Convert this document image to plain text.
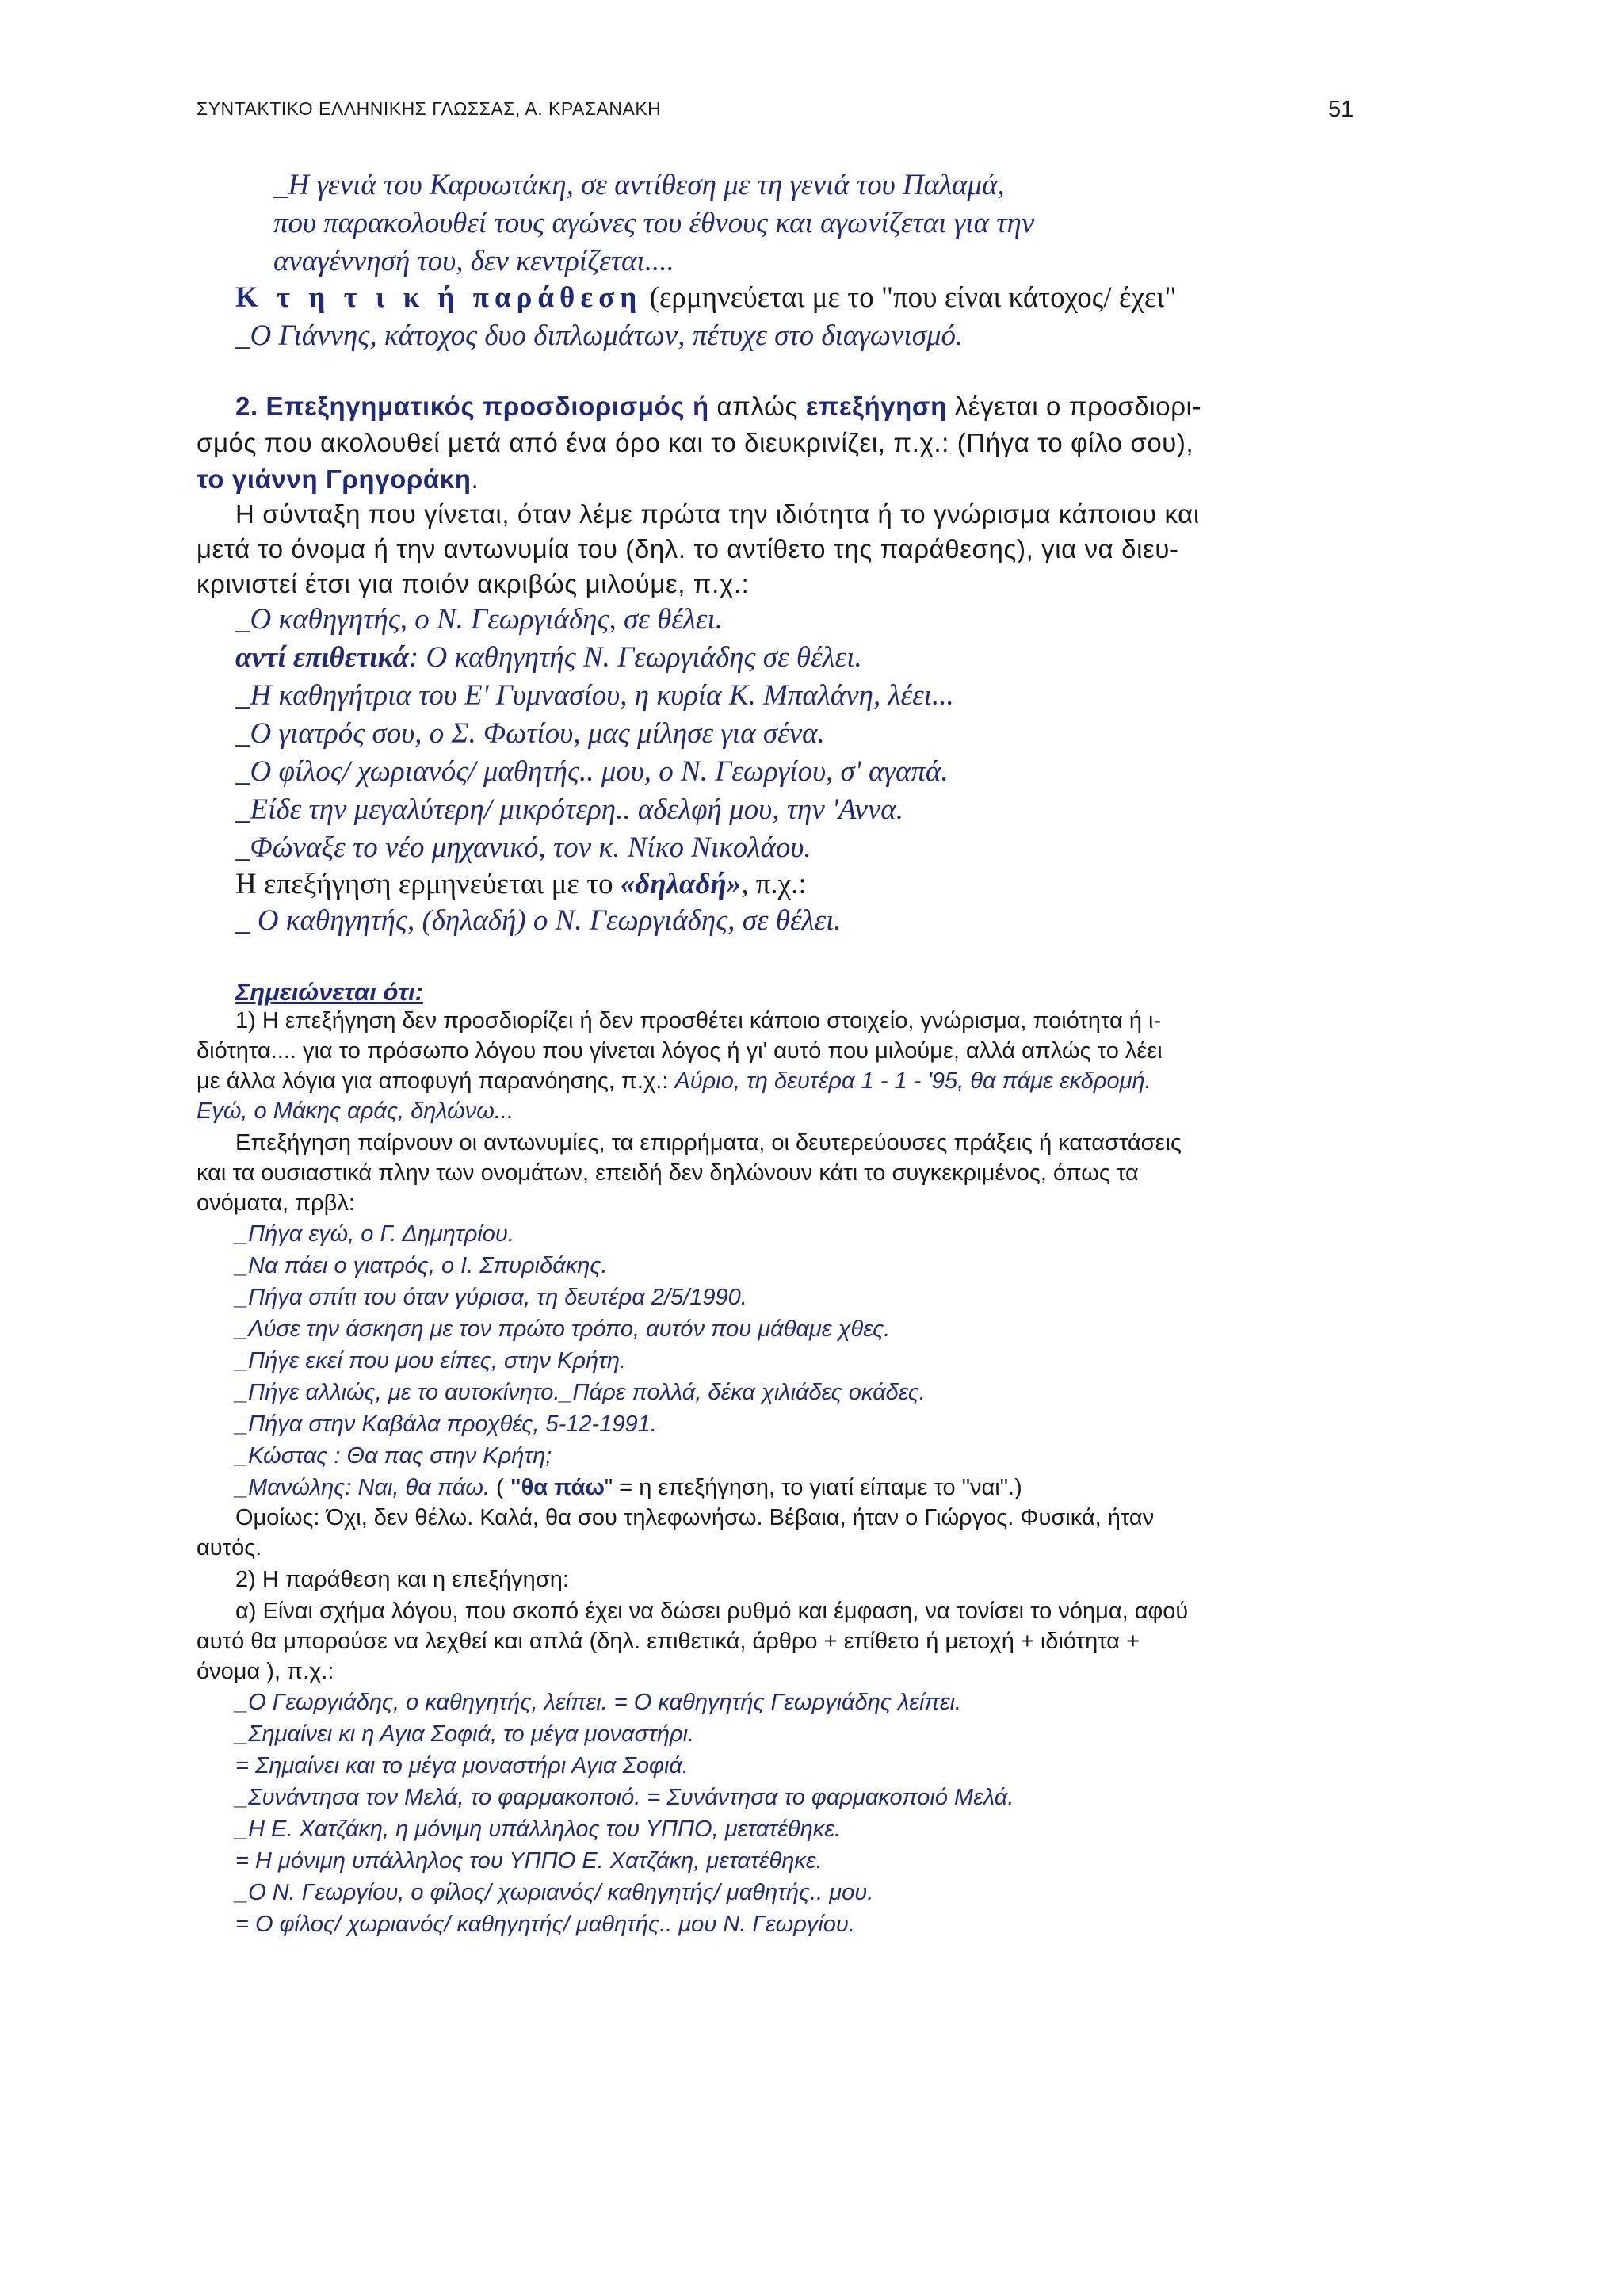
ΣΥΝΤΑΚΤΙΚΟ ΕΛΛΗΝΙΚΗΣ ΓΛΩΣΣΑΣ, Α. ΚΡΑΣΑΝΑΚΗ	51
_Η γενιά του Καρυωτάκη, σε αντίθεση με τη γενιά του Παλαμά,
που παρακολουθεί τους αγώνες του έθνους και αγωνίζεται για την
αναγέννησή του, δεν κεντρίζεται....
Κ τ η τ ι κ ή παράθεση (ερμηνεύεται με το "που είναι κάτοχος/ έχει"
_Ο Γιάννης, κάτοχος δυο διπλωμάτων, πέτυχε στο διαγωνισμό.
2. Επεξηγηματικός προσδιορισμός ή απλώς επεξήγηση λέγεται ο προσδιορι-
σμός που ακολουθεί μετά από ένα όρο και το διευκρινίζει, π.χ.: (Πήγα το φίλο σου),
το γιάννη Γρηγοράκη.
Η σύνταξη που γίνεται, όταν λέμε πρώτα την ιδιότητα ή το γνώρισμα κάποιου και
μετά το όνομα ή την αντωνυμία του (δηλ. το αντίθετο της παράθεσης), για να διευ-
κρινιστεί έτσι για ποιόν ακριβώς μιλούμε, π.χ.:
_Ο καθηγητής, ο Ν. Γεωργιάδης, σε θέλει.
αντί επιθετικά: Ο καθηγητής Ν. Γεωργιάδης σε θέλει.
_Η καθηγήτρια του Ε' Γυμνασίου, η κυρία Κ. Μπαλάνη, λέει...
_Ο γιατρός σου, ο Σ. Φωτίου, μας μίλησε για σένα.
_Ο φίλος/ χωριανός/ μαθητής.. μου, ο Ν. Γεωργίου, σ' αγαπά.
_Είδε την μεγαλύτερη/ μικρότερη.. αδελφή μου, την 'Αννα.
_Φώναξε το νέο μηχανικό, τον κ. Νίκο Νικολάου.
Η επεξήγηση ερμηνεύεται με το «δηλαδή», π.χ.:
_ Ο καθηγητής, (δηλαδή) ο Ν. Γεωργιάδης, σε θέλει.
Σημειώνεται ότι:
1) Η επεξήγηση δεν προσδιορίζει ή δεν προσθέτει κάποιο στοιχείο, γνώρισμα, ποιότητα ή ι-
διότητα.... για το πρόσωπο λόγου που γίνεται λόγος ή γι' αυτό που μιλούμε, αλλά απλώς το λέει
με άλλα λόγια για αποφυγή παρανόησης, π.χ.: Αύριο, τη δευτέρα 1 - 1 - '95, θα πάμε εκδρομή.
Εγώ, ο Μάκης αράς, δηλώνω...
Επεξήγηση παίρνουν οι αντωνυμίες, τα επιρρήματα, οι δευτερεύουσες πράξεις ή καταστάσεις
και τα ουσιαστικά πλην των ονομάτων, επειδή δεν δηλώνουν κάτι το συγκεκριμένος, όπως τα
ονόματα, πρβλ:
_Πήγα εγώ, ο Γ. Δημητρίου.
_Να πάει ο γιατρός, ο Ι. Σπυριδάκης.
_Πήγα σπίτι του όταν γύρισα, τη δευτέρα 2/5/1990.
_Λύσε την άσκηση με τον πρώτο τρόπο, αυτόν που μάθαμε χθες.
_Πήγε εκεί που μου είπες, στην Κρήτη.
_Πήγε αλλιώς, με το αυτοκίνητο._Πάρε πολλά, δέκα χιλιάδες οκάδες.
_Πήγα στην Καβάλα προχθές, 5-12-1991.
_Κώστας : Θα πας στην Κρήτη;
_Μανώλης: Ναι, θα πάω. ( "θα πάω" = η επεξήγηση, το γιατί είπαμε το "ναι".)
Ομοίως: Όχι, δεν θέλω. Καλά, θα σου τηλεφωνήσω. Βέβαια, ήταν ο Γιώργος. Φυσικά, ήταν
αυτός.
2) Η παράθεση και η επεξήγηση:
α) Είναι σχήμα λόγου, που σκοπό έχει να δώσει ρυθμό και έμφαση, να τονίσει το νόημα, αφού
αυτό θα μπορούσε να λεχθεί και απλά (δηλ. επιθετικά, άρθρο + επίθετο ή μετοχή + ιδιότητα +
όνομα ), π.χ.:
_Ο Γεωργιάδης, ο καθηγητής, λείπει. = Ο καθηγητής Γεωργιάδης λείπει.
_Σημαίνει κι η Αγια Σοφιά, το μέγα μοναστήρι.
= Σημαίνει και το μέγα μοναστήρι Αγια Σοφιά.
_Συνάντησα τον Μελά, το φαρμακοποιό. = Συνάντησα το φαρμακοποιό Μελά.
_Η Ε. Χατζάκη, η μόνιμη υπάλληλος του ΥΠΠΟ, μετατέθηκε.
= Η μόνιμη υπάλληλος του ΥΠΠΟ Ε. Χατζάκη, μετατέθηκε.
_Ο Ν. Γεωργίου, ο φίλος/ χωριανός/ καθηγητής/ μαθητής.. μου.
= Ο φίλος/ χωριανός/ καθηγητής/ μαθητής.. μου Ν. Γεωργίου.
